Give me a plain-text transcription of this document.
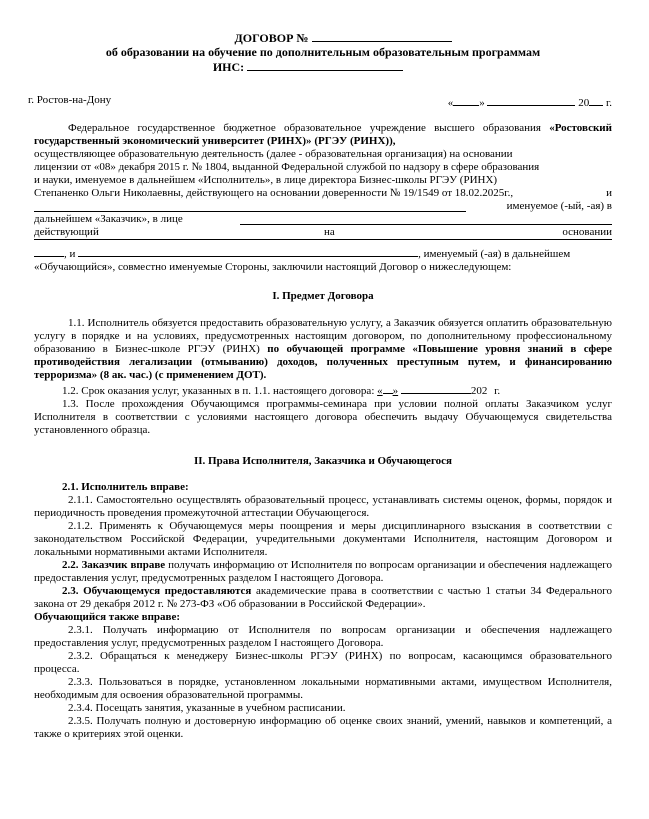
ДОГОВОР №
об образовании на обучение по дополнительным образовательным программам
ИНС:
г. Ростов-на-Дону	« »	20 г.

Федеральное государственное бюджетное образовательное учреждение высшего образования «Ростовский государственный экономический университет (РИНХ)» (РГЭУ (РИНХ)),

осуществляющее образовательную деятельность (далее - образовательная организация) на основании

лицензии от «08» декабря 2015 г. № 1804, выданной Федеральной службой по надзору в сфере образования

и науки, именуемое в дальнейшем «Исполнитель», в лице директора Бизнес-школы РГЭУ (РИНХ)

Степаненко Ольги Николаевны, действующего на основании доверенности № 19/1549 от 18.02.2025г.,	и
именуемое (-ый, -ая) в
дальнейшем «Заказчик», в лице
действующий	на	основании
, и	, именуемый (-ая) в дальнейшем

«Обучающийся», совместно именуемые Стороны, заключили настоящий Договор о нижеследующем:

I. Предмет Договора

1.1. Исполнитель обязуется предоставить образовательную услугу, а Заказчик обязуется оплатить образовательную услугу в порядке и на условиях, предусмотренных настоящим договором, по дополнительному профессиональному образованию в Бизнес-школе РГЭУ (РИНХ) по обучающей программе «Повышение уровня знаний в сфере противодействия легализации (отмыванию) доходов, полученных преступным путем, и финансированию терроризма» (8 ак. час.) (с применением ДОТ).

1.2. Срок оказания услуг, указанных в п. 1.1. настоящего договора: « »	202 г.

1.3. После прохождения Обучающимся программы-семинара при условии полной оплаты Заказчиком услуг Исполнителя в соответствии с условиями настоящего договора обеспечить выдачу Обучающемуся свидетельства установленного образца.

II. Права Исполнителя, Заказчика и Обучающегося

2.1. Исполнитель вправе:

2.1.1. Самостоятельно осуществлять образовательный процесс, устанавливать системы оценок, формы, порядок и периодичность проведения промежуточной аттестации Обучающегося.

2.1.2. Применять к Обучающемуся меры поощрения и меры дисциплинарного взыскания в соответствии с законодательством Российской Федерации, учредительными документами Исполнителя, настоящим Договором и локальными нормативными актами Исполнителя.

2.2. Заказчик вправе получать информацию от Исполнителя по вопросам организации и обеспечения надлежащего предоставления услуг, предусмотренных разделом I настоящего Договора.

2.3. Обучающемуся предоставляются академические права в соответствии с частью 1 статьи 34 Федерального закона от 29 декабря 2012 г. № 273-ФЗ «Об образовании в Российской Федерации».

Обучающийся также вправе:

2.3.1. Получать информацию от Исполнителя по вопросам организации и обеспечения надлежащего предоставления услуг, предусмотренных разделом I настоящего Договора.

2.3.2. Обращаться к менеджеру Бизнес-школы РГЭУ (РИНХ) по вопросам, касающимся образовательного процесса.

2.3.3. Пользоваться в порядке, установленном локальными нормативными актами, имуществом Исполнителя, необходимым для освоения образовательной программы.

2.3.4. Посещать занятия, указанные в учебном расписании.

2.3.5. Получать полную и достоверную информацию об оценке своих знаний, умений, навыков и компетенций, а также о критериях этой оценки.
